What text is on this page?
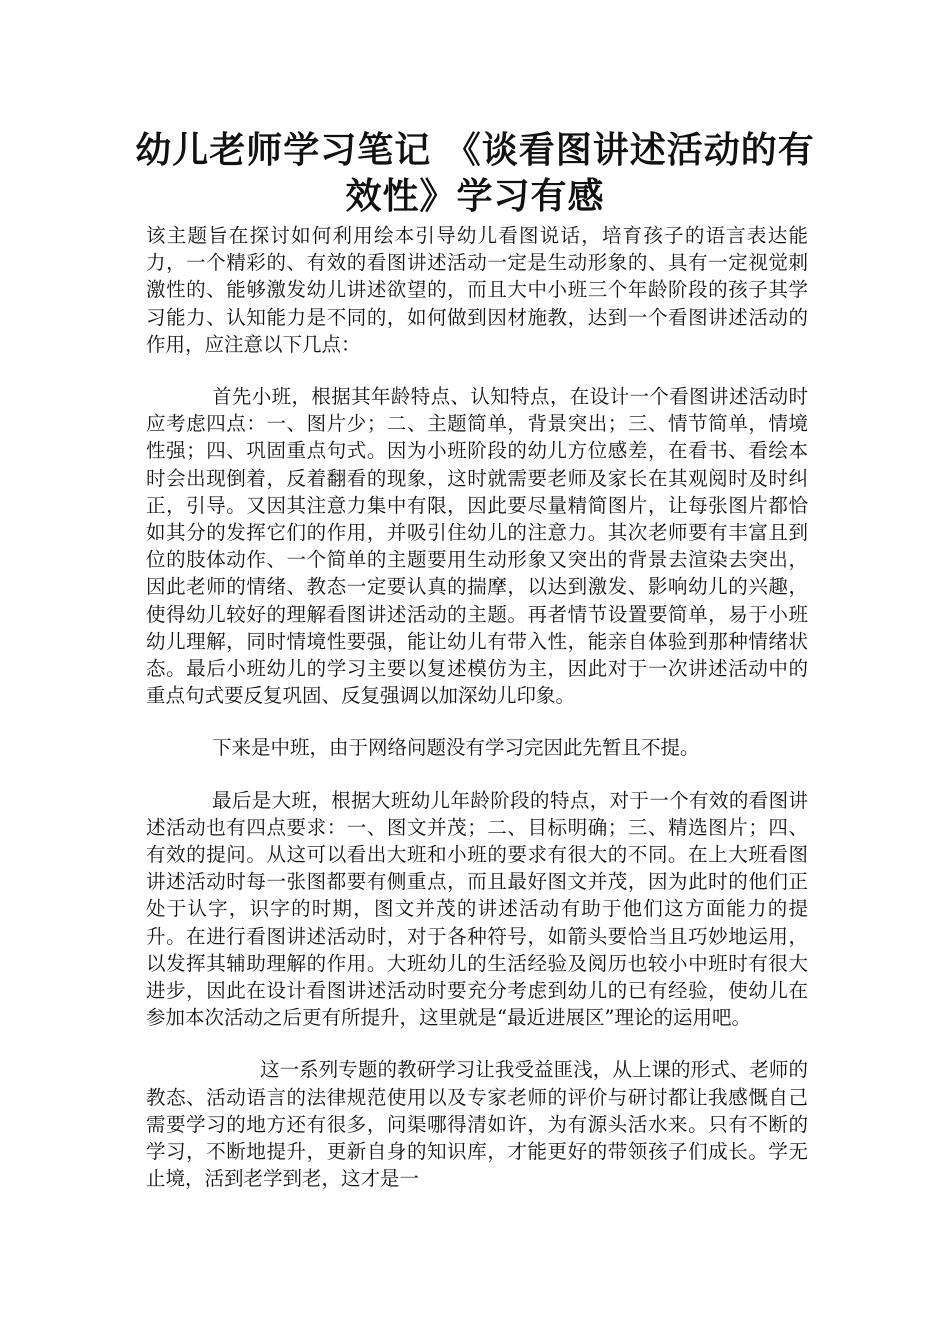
幼儿老师学习笔记 《谈看图讲述活动的有效性》学习有感

该主题旨在探讨如何利用绘本引导幼儿看图说话，培育孩子的语言表达能力，一个精彩的、有效的看图讲述活动一定是生动形象的、具有一定视觉刺激性的、能够激发幼儿讲述欲望的，而且大中小班三个年龄阶段的孩子其学习能力、认知能力是不同的，如何做到因材施教，达到一个看图讲述活动的作用，应注意以下几点：

首先小班，根据其年龄特点、认知特点，在设计一个看图讲述活动时应考虑四点：一、图片少；二、主题简单，背景突出；三、情节简单，情境性强；四、巩固重点句式。因为小班阶段的幼儿方位感差，在看书、看绘本时会出现倒着，反着翻看的现象，这时就需要老师及家长在其观阅时及时纠正，引导。又因其注意力集中有限，因此要尽量精简图片，让每张图片都恰如其分的发挥它们的作用，并吸引住幼儿的注意力。其次老师要有丰富且到位的肢体动作、一个简单的主题要用生动形象又突出的背景去渲染去突出，因此老师的情绪、教态一定要认真的揣摩，以达到激发、影响幼儿的兴趣，使得幼儿较好的理解看图讲述活动的主题。再者情节设置要简单，易于小班幼儿理解，同时情境性要强，能让幼儿有带入性，能亲自体验到那种情绪状态。最后小班幼儿的学习主要以复述模仿为主，因此对于一次讲述活动中的重点句式要反复巩固、反复强调以加深幼儿印象。

下来是中班，由于网络问题没有学习完因此先暂且不提。

最后是大班，根据大班幼儿年龄阶段的特点，对于一个有效的看图讲述活动也有四点要求：一、图文并茂；二、目标明确；三、精选图片；四、有效的提问。从这可以看出大班和小班的要求有很大的不同。在上大班看图讲述活动时每一张图都要有侧重点，而且最好图文并茂，因为此时的他们正处于认字，识字的时期，图文并茂的讲述活动有助于他们这方面能力的提升。在进行看图讲述活动时，对于各种符号，如箭头要恰当且巧妙地运用，以发挥其辅助理解的作用。大班幼儿的生活经验及阅历也较小中班时有很大进步，因此在设计看图讲述活动时要充分考虑到幼儿的已有经验，使幼儿在参加本次活动之后更有所提升，这里就是“最近进展区”理论的运用吧。

这一系列专题的教研学习让我受益匪浅，从上课的形式、老师的教态、活动语言的法律规范使用以及专家老师的评价与研讨都让我感慨自己需要学习的地方还有很多，问渠哪得清如许，为有源头活水来。只有不断的学习，不断地提升，更新自身的知识库，才能更好的带领孩子们成长。学无止境，活到老学到老，这才是一
